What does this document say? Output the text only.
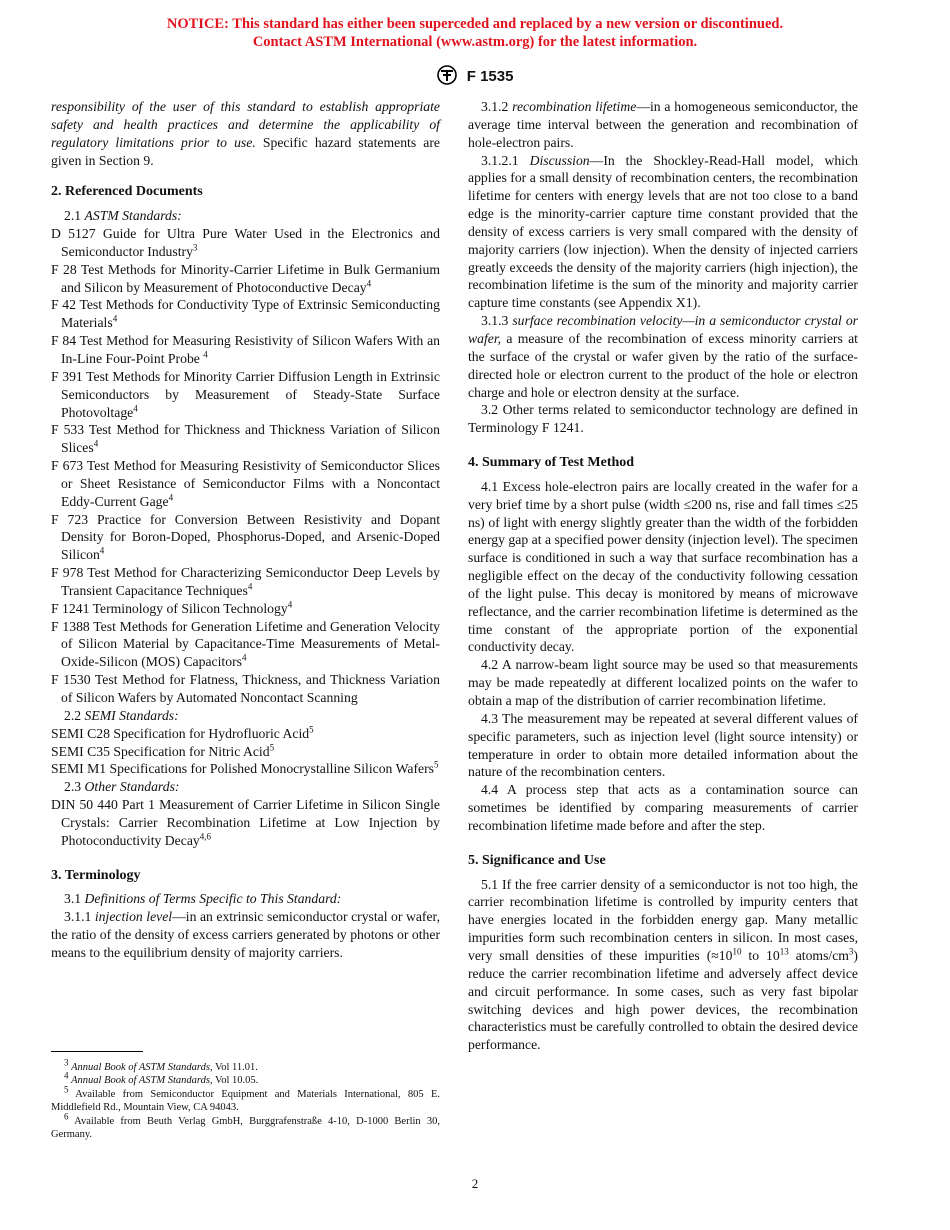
NOTICE: This standard has either been superceded and replaced by a new version or discontinued.
Contact ASTM International (www.astm.org) for the latest information.
F 1535

responsibility of the user of this standard to establish appropriate safety and health practices and determine the applicability of regulatory limitations prior to use. Specific hazard statements are given in Section 9.

2. Referenced Documents

2.1 ASTM Standards:

D 5127 Guide for Ultra Pure Water Used in the Electronics and Semiconductor Industry$^3$

F 28 Test Methods for Minority-Carrier Lifetime in Bulk Germanium and Silicon by Measurement of Photoconductive Decay$^4$

F 42 Test Methods for Conductivity Type of Extrinsic Semiconducting Materials$^4$

F 84 Test Method for Measuring Resistivity of Silicon Wafers With an In-Line Four-Point Probe $^4$

F 391 Test Methods for Minority Carrier Diffusion Length in Extrinsic Semiconductors by Measurement of Steady-State Surface Photovoltage$^4$

F 533 Test Method for Thickness and Thickness Variation of Silicon Slices$^4$

F 673 Test Method for Measuring Resistivity of Semiconductor Slices or Sheet Resistance of Semiconductor Films with a Noncontact Eddy-Current Gage$^4$

F 723 Practice for Conversion Between Resistivity and Dopant Density for Boron-Doped, Phosphorus-Doped, and Arsenic-Doped Silicon$^4$

F 978 Test Method for Characterizing Semiconductor Deep Levels by Transient Capacitance Techniques$^4$

F 1241 Terminology of Silicon Technology$^4$

F 1388 Test Methods for Generation Lifetime and Generation Velocity of Silicon Material by Capacitance-Time Measurements of Metal-Oxide-Silicon (MOS) Capacitors$^4$

F 1530 Test Method for Flatness, Thickness, and Thickness Variation of Silicon Wafers by Automated Noncontact Scanning

2.2 SEMI Standards:

SEMI C28 Specification for Hydrofluoric Acid$^5$

SEMI C35 Specification for Nitric Acid$^5$

SEMI M1 Specifications for Polished Monocrystalline Silicon Wafers$^5$

2.3 Other Standards:

DIN 50 440 Part 1 Measurement of Carrier Lifetime in Silicon Single Crystals: Carrier Recombination Lifetime at Low Injection by Photoconductivity Decay$^{4,6}$

3. Terminology

3.1 Definitions of Terms Specific to This Standard:

3.1.1 injection level—in an extrinsic semiconductor crystal or wafer, the ratio of the density of excess carriers generated by photons or other means to the equilibrium density of majority carriers.

$^3$ Annual Book of ASTM Standards, Vol 11.01.

$^4$ Annual Book of ASTM Standards, Vol 10.05.

$^5$ Available from Semiconductor Equipment and Materials International, 805 E. Middlefield Rd., Mountain View, CA 94043.

$^6$ Available from Beuth Verlag GmbH, Burggrafenstraße 4-10, D-1000 Berlin 30, Germany.

3.1.2 recombination lifetime—in a homogeneous semiconductor, the average time interval between the generation and recombination of hole-electron pairs.

3.1.2.1 Discussion—In the Shockley-Read-Hall model, which applies for a small density of recombination centers, the recombination lifetime for centers with energy levels that are not too close to a band edge is the minority-carrier capture time constant provided that the density of excess carriers is very small compared with the density of majority carriers (low injection). When the density of injected carriers greatly exceeds the density of the majority carriers (high injection), the recombination lifetime is the sum of the minority and majority carrier capture time constants (see Appendix X1).

3.1.3 surface recombination velocity—in a semiconductor crystal or wafer, a measure of the recombination of excess minority carriers at the surface of the crystal or wafer given by the ratio of the surface-directed hole or electron current to the product of the hole or electron charge and hole or electron density at the surface.

3.2 Other terms related to semiconductor technology are defined in Terminology F 1241.

4. Summary of Test Method

4.1 Excess hole-electron pairs are locally created in the wafer for a very brief time by a short pulse (width ≤200 ns, rise and fall times ≤25 ns) of light with energy slightly greater than the width of the forbidden energy gap at a specified power density (injection level). The specimen surface is conditioned in such a way that surface recombination has a negligible effect on the decay of the conductivity following cessation of the light pulse. This decay is monitored by means of microwave reflectance, and the carrier recombination lifetime is determined as the time constant of the appropriate portion of the exponential conductivity decay.

4.2 A narrow-beam light source may be used so that measurements may be made repeatedly at different localized points on the wafer to obtain a map of the distribution of carrier recombination lifetime.

4.3 The measurement may be repeated at several different values of specific parameters, such as injection level (light source intensity) or temperature in order to obtain more detailed information about the nature of the recombination centers.

4.4 A process step that acts as a contamination source can sometimes be identified by comparing measurements of carrier recombination lifetime made before and after the step.

5. Significance and Use

5.1 If the free carrier density of a semiconductor is not too high, the carrier recombination lifetime is controlled by impurity centers that have energies located in the forbidden energy gap. Many metallic impurities form such recombination centers in silicon. In most cases, very small densities of these impurities ($\approx 10^{10}$ to $10^{13}$ atoms/$cm^3$) reduce the carrier recombination lifetime and adversely affect device and circuit performance. In some cases, such as very fast bipolar switching devices and high power devices, the recombination characteristics must be carefully controlled to obtain the desired device performance.

2
